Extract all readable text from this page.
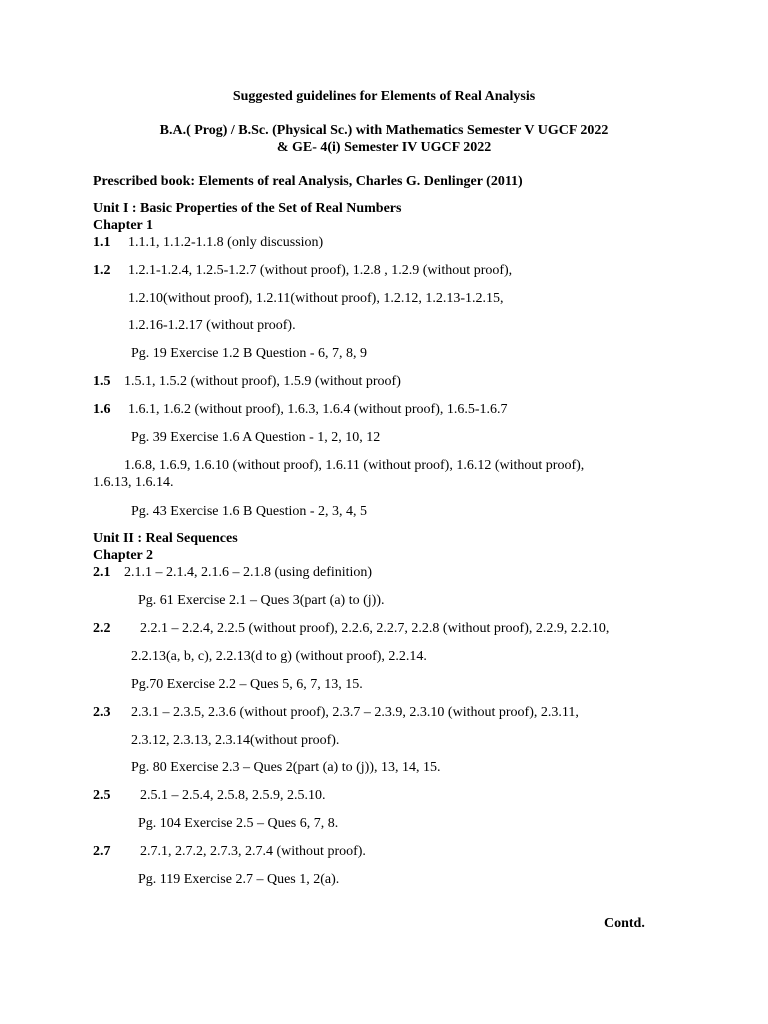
Suggested guidelines for Elements of Real Analysis
B.A.( Prog) / B.Sc. (Physical Sc.) with Mathematics Semester V UGCF 2022
& GE- 4(i) Semester IV UGCF 2022
Prescribed book: Elements of real Analysis, Charles G. Denlinger (2011)
Unit I : Basic Properties of the Set of Real Numbers
Chapter 1
1.1 1.1.1, 1.1.2-1.1.8 (only discussion)
1.2 1.2.1-1.2.4, 1.2.5-1.2.7 (without proof), 1.2.8 , 1.2.9 (without proof),
1.2.10(without proof), 1.2.11(without proof), 1.2.12, 1.2.13-1.2.15,
1.2.16-1.2.17 (without proof).
Pg. 19 Exercise 1.2 B Question - 6, 7, 8, 9
1.5 1.5.1, 1.5.2 (without proof), 1.5.9 (without proof)
1.6 1.6.1, 1.6.2 (without proof), 1.6.3, 1.6.4 (without proof), 1.6.5-1.6.7
Pg. 39 Exercise 1.6 A Question - 1, 2, 10, 12
1.6.8, 1.6.9, 1.6.10 (without proof), 1.6.11 (without proof), 1.6.12 (without proof),
1.6.13, 1.6.14.
Pg. 43 Exercise 1.6 B Question - 2, 3, 4, 5
Unit II : Real Sequences
Chapter 2
2.1 2.1.1 – 2.1.4, 2.1.6 – 2.1.8 (using definition)
Pg. 61 Exercise 2.1 – Ques 3(part (a) to (j)).
2.2 2.2.1 – 2.2.4, 2.2.5 (without proof), 2.2.6, 2.2.7, 2.2.8 (without proof), 2.2.9, 2.2.10,
2.2.13(a, b, c), 2.2.13(d to g) (without proof), 2.2.14.
Pg.70 Exercise 2.2 – Ques 5, 6, 7, 13, 15.
2.3 2.3.1 – 2.3.5, 2.3.6 (without proof), 2.3.7 – 2.3.9, 2.3.10 (without proof), 2.3.11,
2.3.12, 2.3.13, 2.3.14(without proof).
Pg. 80 Exercise 2.3 – Ques 2(part (a) to (j)), 13, 14, 15.
2.5 2.5.1 – 2.5.4, 2.5.8, 2.5.9, 2.5.10.
Pg. 104 Exercise 2.5 – Ques 6, 7, 8.
2.7 2.7.1, 2.7.2, 2.7.3, 2.7.4 (without proof).
Pg. 119 Exercise 2.7 – Ques 1, 2(a).
Contd.
